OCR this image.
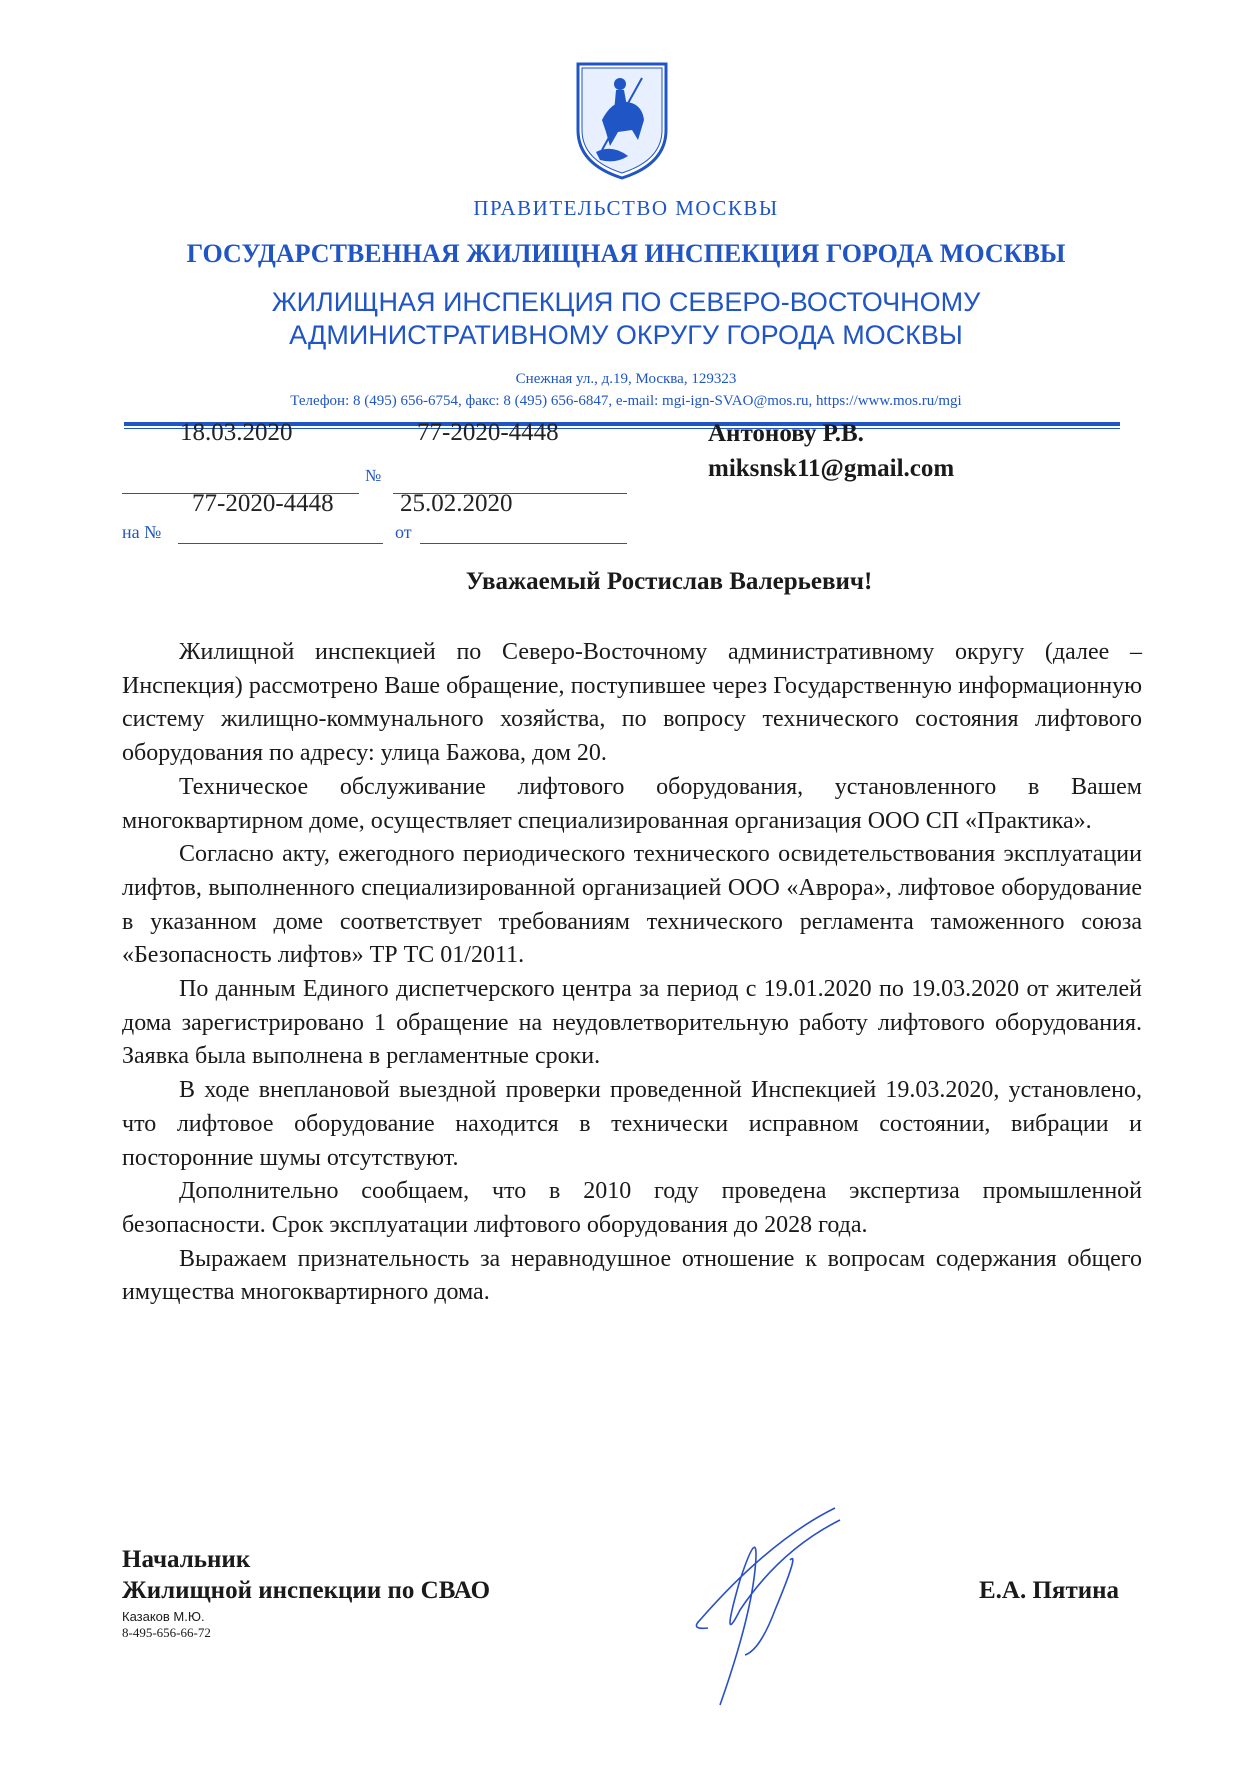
ПРАВИТЕЛЬСТВО МОСКВЫ
ГОСУДАРСТВЕННАЯ ЖИЛИЩНАЯ ИНСПЕКЦИЯ ГОРОДА МОСКВЫ
ЖИЛИЩНАЯ ИНСПЕКЦИЯ ПО СЕВЕРО-ВОСТОЧНОМУ
АДМИНИСТРАТИВНОМУ ОКРУГУ ГОРОДА МОСКВЫ
Снежная ул., д.19, Москва, 129323
Телефон: 8 (495) 656-6754, факс: 8 (495) 656-6847, e-mail: mgi-ign-SVAO@mos.ru, https://www.mos.ru/mgi
18.03.2020	77-2020-4448	Антонову Р.В.
miksnsk11@gmail.com
№
77-2020-4448	25.02.2020
на №	от
Уважаемый Ростислав Валерьевич!

Жилищной инспекцией по Северо-Восточному административному округу (далее – Инспекция) рассмотрено Ваше обращение, поступившее через Государственную информационную систему жилищно-коммунального хозяйства, по вопросу технического состояния лифтового оборудования по адресу: улица Бажова, дом 20.

Техническое обслуживание лифтового оборудования, установленного в Вашем многоквартирном доме, осуществляет специализированная организация ООО СП «Практика».

Согласно акту, ежегодного периодического технического освидетельствования эксплуатации лифтов, выполненного специализированной организацией ООО «Аврора», лифтовое оборудование в указанном доме соответствует требованиям технического регламента таможенного союза «Безопасность лифтов» ТР ТС 01/2011.

По данным Единого диспетчерского центра за период с 19.01.2020 по 19.03.2020 от жителей дома зарегистрировано 1 обращение на неудовлетворительную работу лифтового оборудования. Заявка была выполнена в регламентные сроки.

В ходе внеплановой выездной проверки проведенной Инспекцией 19.03.2020, установлено, что лифтовое оборудование находится в технически исправном состоянии, вибрации и посторонние шумы отсутствуют.

Дополнительно сообщаем, что в 2010 году проведена экспертиза промышленной безопасности. Срок эксплуатации лифтового оборудования до 2028 года.

Выражаем признательность за неравнодушное отношение к вопросам содержания общего имущества многоквартирного дома.

Начальник
Жилищной инспекции по СВАО
Казаков М.Ю.
8-495-656-66-72
Е.А. Пятина
